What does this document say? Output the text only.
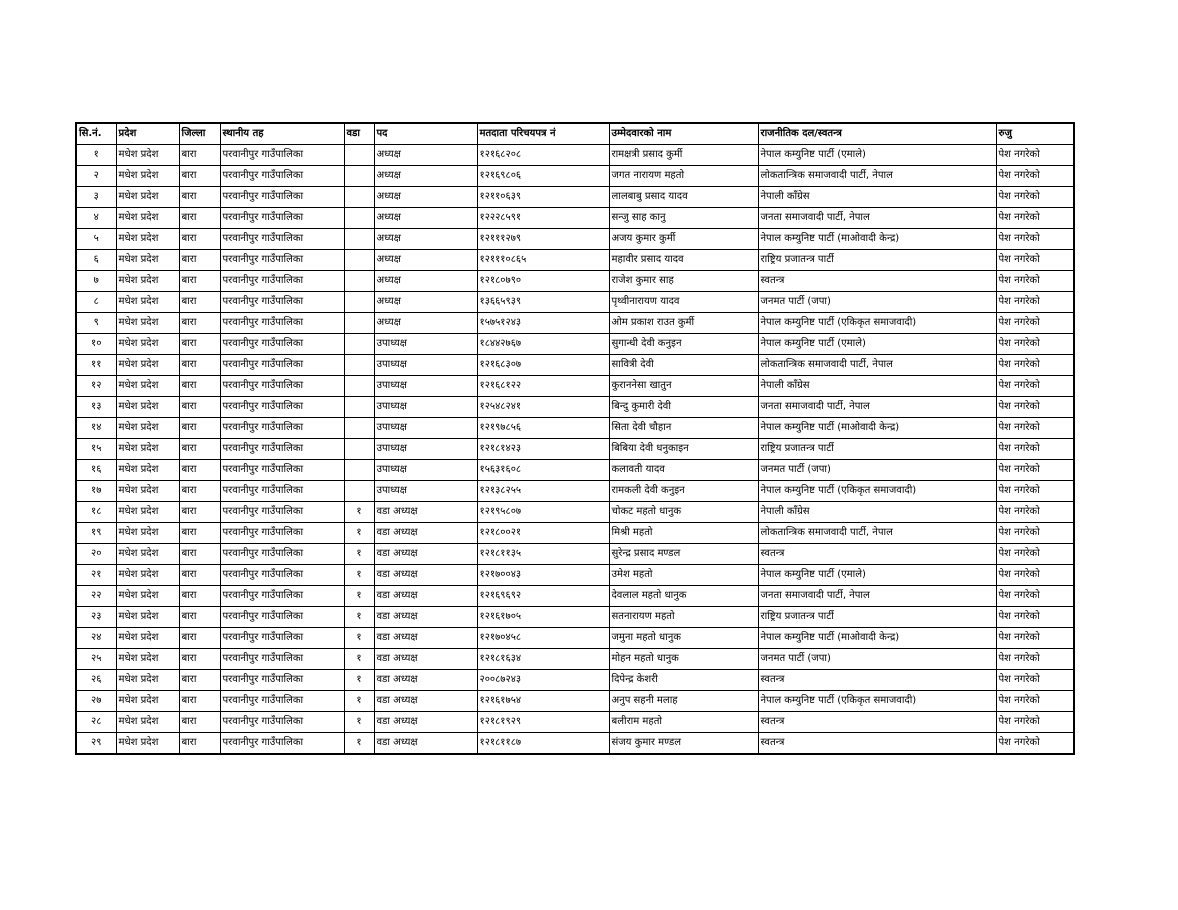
सि.नं.	प्रदेश	जिल्ला	स्थानीय तह	वडा	पद	मतदाता परिचयपत्र नं	उम्मेदवारको नाम	राजनीतिक दल/स्वतन्त्र	रुजु
१	मधेश प्रदेश	बारा	परवानीपुर गाउँपालिका		अध्यक्ष	१२१६८२०८	रामक्षत्री प्रसाद कुर्मी	नेपाल कम्युनिष्ट पार्टी (एमाले)	पेश नगरेको
२	मधेश प्रदेश	बारा	परवानीपुर गाउँपालिका		अध्यक्ष	१२१६९८०६	जगत नारायण महतो	लोकतान्त्रिक समाजवादी पार्टी, नेपाल	पेश नगरेको
३	मधेश प्रदेश	बारा	परवानीपुर गाउँपालिका		अध्यक्ष	१२११०६३९	लालबाबु प्रसाद यादव	नेपाली काँग्रेस	पेश नगरेको
४	मधेश प्रदेश	बारा	परवानीपुर गाउँपालिका		अध्यक्ष	१२२२८५९१	सन्जु साह कानु	जनता समाजवादी पार्टी, नेपाल	पेश नगरेको
५	मधेश प्रदेश	बारा	परवानीपुर गाउँपालिका		अध्यक्ष	१२१११२७९	अजय कुमार कुर्मी	नेपाल कम्युनिष्ट पार्टी (माओवादी केन्द्र)	पेश नगरेको
६	मधेश प्रदेश	बारा	परवानीपुर गाउँपालिका		अध्यक्ष	१२१११०८६५	महावीर प्रसाद यादव	राष्ट्रिय प्रजातन्त्र पार्टी	पेश नगरेको
७	मधेश प्रदेश	बारा	परवानीपुर गाउँपालिका		अध्यक्ष	१२१८०७९०	राजेश कुमार साह	स्वतन्त्र	पेश नगरेको
८	मधेश प्रदेश	बारा	परवानीपुर गाउँपालिका		अध्यक्ष	१३६६५९३९	पृथ्वीनारायण यादव	जनमत पार्टी (जपा)	पेश नगरेको
९	मधेश प्रदेश	बारा	परवानीपुर गाउँपालिका		अध्यक्ष	१५७५१२४३	ओम प्रकाश राउत कुर्मी	नेपाल कम्युनिष्ट पार्टी (एकिकृत समाजवादी)	पेश नगरेको
१०	मधेश प्रदेश	बारा	परवानीपुर गाउँपालिका		उपाध्यक्ष	१८४४२७६७	सुगान्धी देवी कनुइन	नेपाल कम्युनिष्ट पार्टी (एमाले)	पेश नगरेको
११	मधेश प्रदेश	बारा	परवानीपुर गाउँपालिका		उपाध्यक्ष	१२१६८३०७	सावित्री देवी	लोकतान्त्रिक समाजवादी पार्टी, नेपाल	पेश नगरेको
१२	मधेश प्रदेश	बारा	परवानीपुर गाउँपालिका		उपाध्यक्ष	१२१६८१२२	कुराननेसा खातुन	नेपाली काँग्रेस	पेश नगरेको
१३	मधेश प्रदेश	बारा	परवानीपुर गाउँपालिका		उपाध्यक्ष	१२५४८२४१	बिन्दु कुमारी देवी	जनता समाजवादी पार्टी, नेपाल	पेश नगरेको
१४	मधेश प्रदेश	बारा	परवानीपुर गाउँपालिका		उपाध्यक्ष	१२१९७८५६	सिता देवी चौहान	नेपाल कम्युनिष्ट पार्टी (माओवादी केन्द्र)	पेश नगरेको
१५	मधेश प्रदेश	बारा	परवानीपुर गाउँपालिका		उपाध्यक्ष	१२१८१४२३	बिबिया देवी धनुकाइन	राष्ट्रिय प्रजातन्त्र पार्टी	पेश नगरेको
१६	मधेश प्रदेश	बारा	परवानीपुर गाउँपालिका		उपाध्यक्ष	१५६३१६०८	कलावती यादव	जनमत पार्टी (जपा)	पेश नगरेको
१७	मधेश प्रदेश	बारा	परवानीपुर गाउँपालिका		उपाध्यक्ष	१२१३८२५५	रामकली देवी कनुइन	नेपाल कम्युनिष्ट पार्टी (एकिकृत समाजवादी)	पेश नगरेको
१८	मधेश प्रदेश	बारा	परवानीपुर गाउँपालिका	१	वडा अध्यक्ष	१२१९५८०७	चोकट महतो धानुक	नेपाली काँग्रेस	पेश नगरेको
१९	मधेश प्रदेश	बारा	परवानीपुर गाउँपालिका	१	वडा अध्यक्ष	१२१८००२१	मिश्री महतो	लोकतान्त्रिक समाजवादी पार्टी, नेपाल	पेश नगरेको
२०	मधेश प्रदेश	बारा	परवानीपुर गाउँपालिका	१	वडा अध्यक्ष	१२१८११३५	सुरेन्द्र प्रसाद मण्डल	स्वतन्त्र	पेश नगरेको
२१	मधेश प्रदेश	बारा	परवानीपुर गाउँपालिका	१	वडा अध्यक्ष	१२१७००४३	उमेश महतो	नेपाल कम्युनिष्ट पार्टी (एमाले)	पेश नगरेको
२२	मधेश प्रदेश	बारा	परवानीपुर गाउँपालिका	१	वडा अध्यक्ष	१२१६९६९२	देवलाल महतो धानुक	जनता समाजवादी पार्टी, नेपाल	पेश नगरेको
२३	मधेश प्रदेश	बारा	परवानीपुर गाउँपालिका	१	वडा अध्यक्ष	१२१६१७०५	सतनारायण महतो	राष्ट्रिय प्रजातन्त्र पार्टी	पेश नगरेको
२४	मधेश प्रदेश	बारा	परवानीपुर गाउँपालिका	१	वडा अध्यक्ष	१२१७०४५८	जमुना महतो धानुक	नेपाल कम्युनिष्ट पार्टी (माओवादी केन्द्र)	पेश नगरेको
२५	मधेश प्रदेश	बारा	परवानीपुर गाउँपालिका	१	वडा अध्यक्ष	१२१८१६३४	मोहन महतो धानुक	जनमत पार्टी (जपा)	पेश नगरेको
२६	मधेश प्रदेश	बारा	परवानीपुर गाउँपालिका	१	वडा अध्यक्ष	२००८७२४३	दिपेन्द्र केशरी	स्वतन्त्र	पेश नगरेको
२७	मधेश प्रदेश	बारा	परवानीपुर गाउँपालिका	१	वडा अध्यक्ष	१२१६१७५४	अनुप सहनी मलाह	नेपाल कम्युनिष्ट पार्टी (एकिकृत समाजवादी)	पेश नगरेको
२८	मधेश प्रदेश	बारा	परवानीपुर गाउँपालिका	१	वडा अध्यक्ष	१२१८१९२९	बलीराम महतो	स्वतन्त्र	पेश नगरेको
२९	मधेश प्रदेश	बारा	परवानीपुर गाउँपालिका	१	वडा अध्यक्ष	१२१८११८७	संजय कुमार मण्डल	स्वतन्त्र	पेश नगरेको
